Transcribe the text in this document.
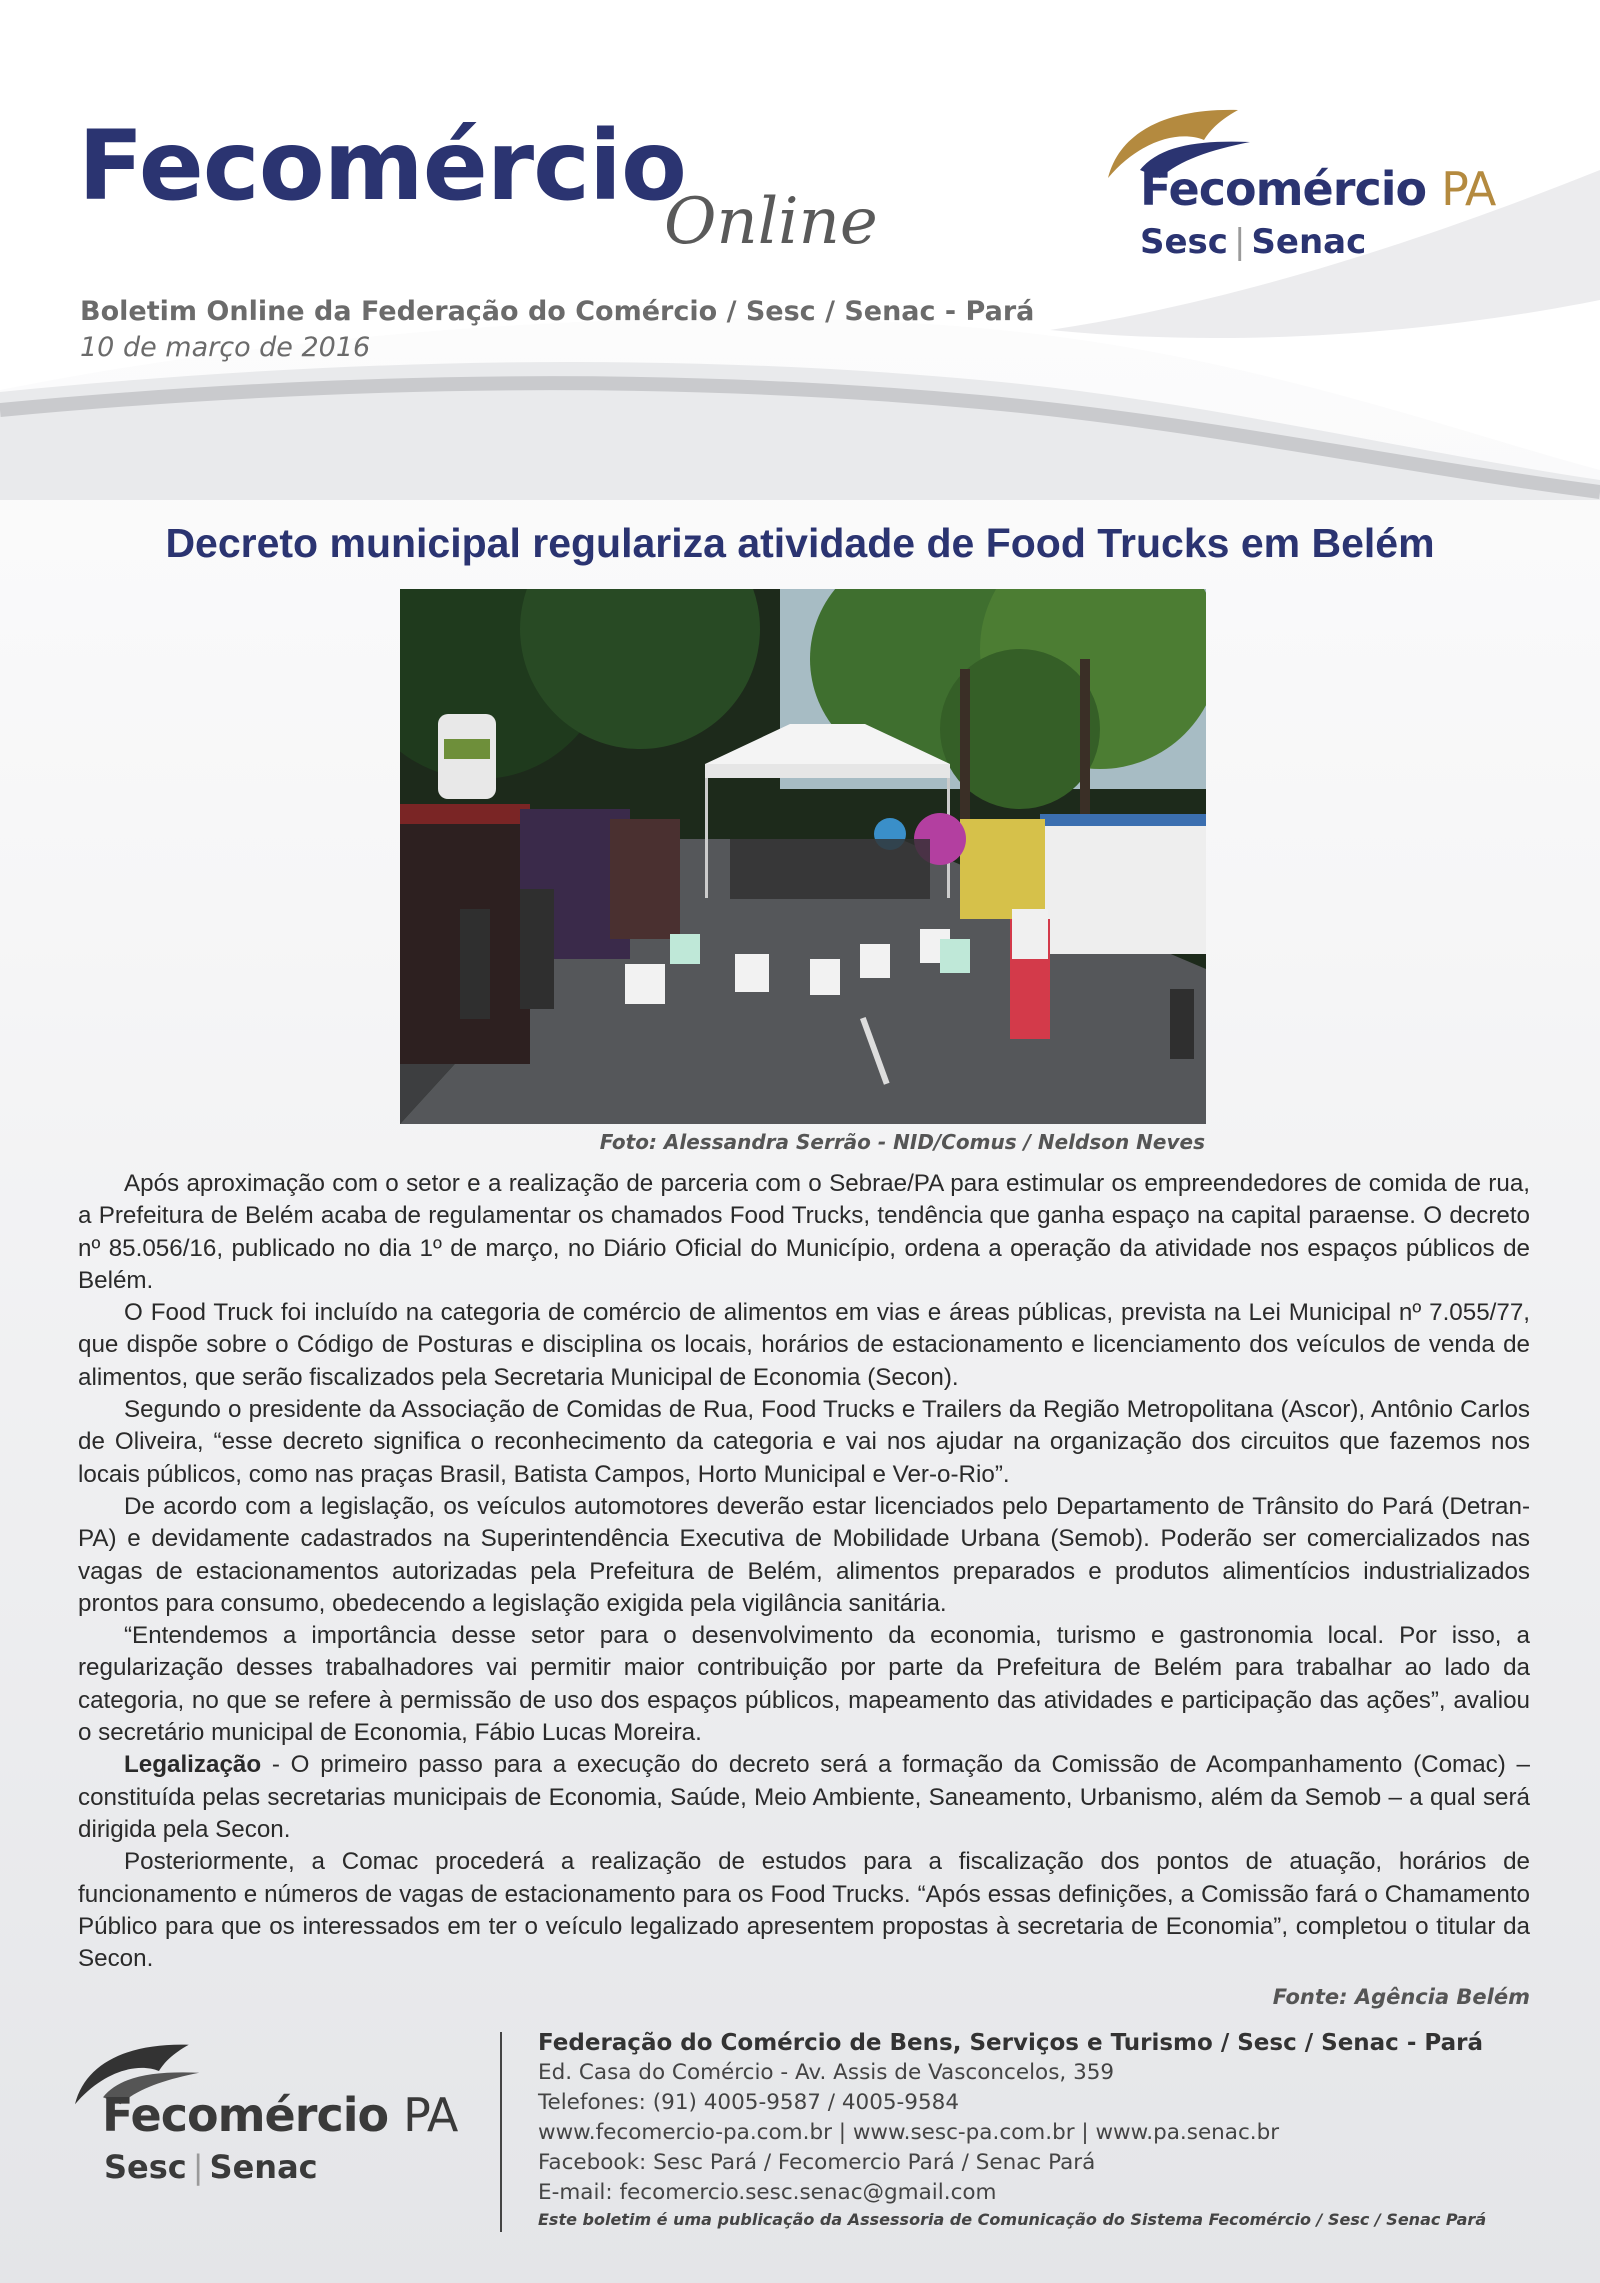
Fecomércio
Online
Boletim Online da Federação do Comércio / Sesc / Senac - Pará
10 de março de 2016
Fecomércio PA
Sesc | Senac
Decreto municipal regulariza atividade de Food Trucks em Belém
Foto: Alessandra Serrão - NID/Comus / Neldson Neves

Após aproximação com o setor e a realização de parceria com o Sebrae/PA para estimular os empreendedores de comida de rua, a Prefeitura de Belém acaba de regulamentar os chamados Food Trucks, tendência que ganha espaço na capital paraense. O decreto nº 85.056/16, publicado no dia 1º de março, no Diário Oficial do Município, ordena a operação da atividade nos espaços públicos de Belém.

O Food Truck foi incluído na categoria de comércio de alimentos em vias e áreas públicas, prevista na Lei Municipal nº 7.055/77, que dispõe sobre o Código de Posturas e disciplina os locais, horários de estacionamento e licenciamento dos veículos de venda de alimentos, que serão fiscalizados pela Secretaria Municipal de Economia (Secon).

Segundo o presidente da Associação de Comidas de Rua, Food Trucks e Trailers da Região Metropolitana (Ascor), Antônio Carlos de Oliveira, “esse decreto significa o reconhecimento da categoria e vai nos ajudar na organização dos circuitos que fazemos nos locais públicos, como nas praças Brasil, Batista Campos, Horto Municipal e Ver-o-Rio”.

De acordo com a legislação, os veículos automotores deverão estar licenciados pelo Departamento de Trânsito do Pará (Detran-PA) e devidamente cadastrados na Superintendência Executiva de Mobilidade Urbana (Semob). Poderão ser comercializados nas vagas de estacionamentos autorizadas pela Prefeitura de Belém, alimentos preparados e produtos alimentícios industrializados prontos para consumo, obedecendo a legislação exigida pela vigilância sanitária.

“Entendemos a importância desse setor para o desenvolvimento da economia, turismo e gastronomia local. Por isso, a regularização desses trabalhadores vai permitir maior contribuição por parte da Prefeitura de Belém para trabalhar ao lado da categoria, no que se refere à permissão de uso dos espaços públicos, mapeamento das atividades e participação das ações”, avaliou o secretário municipal de Economia, Fábio Lucas Moreira.

Legalização - O primeiro passo para a execução do decreto será a formação da Comissão de Acompanhamento (Comac) – constituída pelas secretarias municipais de Economia, Saúde, Meio Ambiente, Saneamento, Urbanismo, além da Semob – a qual será dirigida pela Secon.

Posteriormente, a Comac procederá a realização de estudos para a fiscalização dos pontos de atuação, horários de funcionamento e números de vagas de estacionamento para os Food Trucks. “Após essas definições, a Comissão fará o Chamamento Público para que os interessados em ter o veículo legalizado apresentem propostas à secretaria de Economia”, completou o titular da Secon.

Fonte: Agência Belém
Fecomércio PA
Sesc | Senac

Federação do Comércio de Bens, Serviços e Turismo / Sesc / Senac - Pará

Ed. Casa do Comércio - Av. Assis de Vasconcelos, 359

Telefones: (91) 4005-9587 / 4005-9584

www.fecomercio-pa.com.br | www.sesc-pa.com.br | www.pa.senac.br

Facebook: Sesc Pará / Fecomercio Pará / Senac Pará

E-mail: fecomercio.sesc.senac@gmail.com

Este boletim é uma publicação da Assessoria de Comunicação do Sistema Fecomércio / Sesc / Senac Pará
